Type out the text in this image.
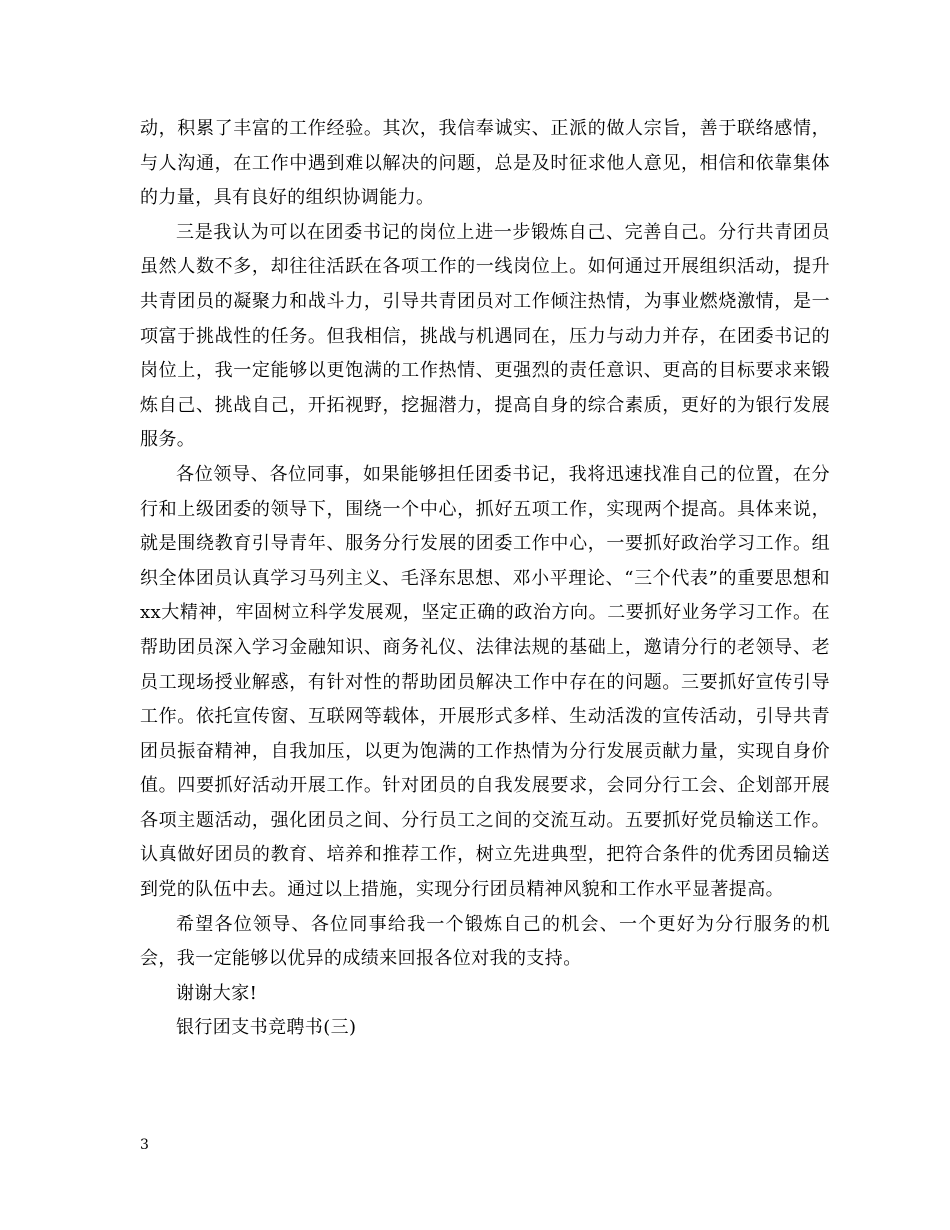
动，积累了丰富的工作经验。其次，我信奉诚实、正派的做人宗旨，善于联络感情，与人沟通，在工作中遇到难以解决的问题，总是及时征求他人意见，相信和依靠集体的力量，具有良好的组织协调能力。

三是我认为可以在团委书记的岗位上进一步锻炼自己、完善自己。分行共青团员虽然人数不多，却往往活跃在各项工作的一线岗位上。如何通过开展组织活动，提升共青团员的凝聚力和战斗力，引导共青团员对工作倾注热情，为事业燃烧激情，是一项富于挑战性的任务。但我相信，挑战与机遇同在，压力与动力并存，在团委书记的岗位上，我一定能够以更饱满的工作热情、更强烈的责任意识、更高的目标要求来锻炼自己、挑战自己，开拓视野，挖掘潜力，提高自身的综合素质，更好的为银行发展服务。

各位领导、各位同事，如果能够担任团委书记，我将迅速找准自己的位置，在分行和上级团委的领导下，围绕一个中心，抓好五项工作，实现两个提高。具体来说，就是围绕教育引导青年、服务分行发展的团委工作中心，一要抓好政治学习工作。组织全体团员认真学习马列主义、毛泽东思想、邓小平理论、“三个代表”的重要思想和xx大精神，牢固树立科学发展观，坚定正确的政治方向。二要抓好业务学习工作。在帮助团员深入学习金融知识、商务礼仪、法律法规的基础上，邀请分行的老领导、老员工现场授业解惑，有针对性的帮助团员解决工作中存在的问题。三要抓好宣传引导工作。依托宣传窗、互联网等载体，开展形式多样、生动活泼的宣传活动，引导共青团员振奋精神，自我加压，以更为饱满的工作热情为分行发展贡献力量，实现自身价值。四要抓好活动开展工作。针对团员的自我发展要求，会同分行工会、企划部开展各项主题活动，强化团员之间、分行员工之间的交流互动。五要抓好党员输送工作。认真做好团员的教育、培养和推荐工作，树立先进典型，把符合条件的优秀团员输送到党的队伍中去。通过以上措施，实现分行团员精神风貌和工作水平显著提高。

希望各位领导、各位同事给我一个锻炼自己的机会、一个更好为分行服务的机会，我一定能够以优异的成绩来回报各位对我的支持。

谢谢大家!

银行团支书竞聘书(三)

3
